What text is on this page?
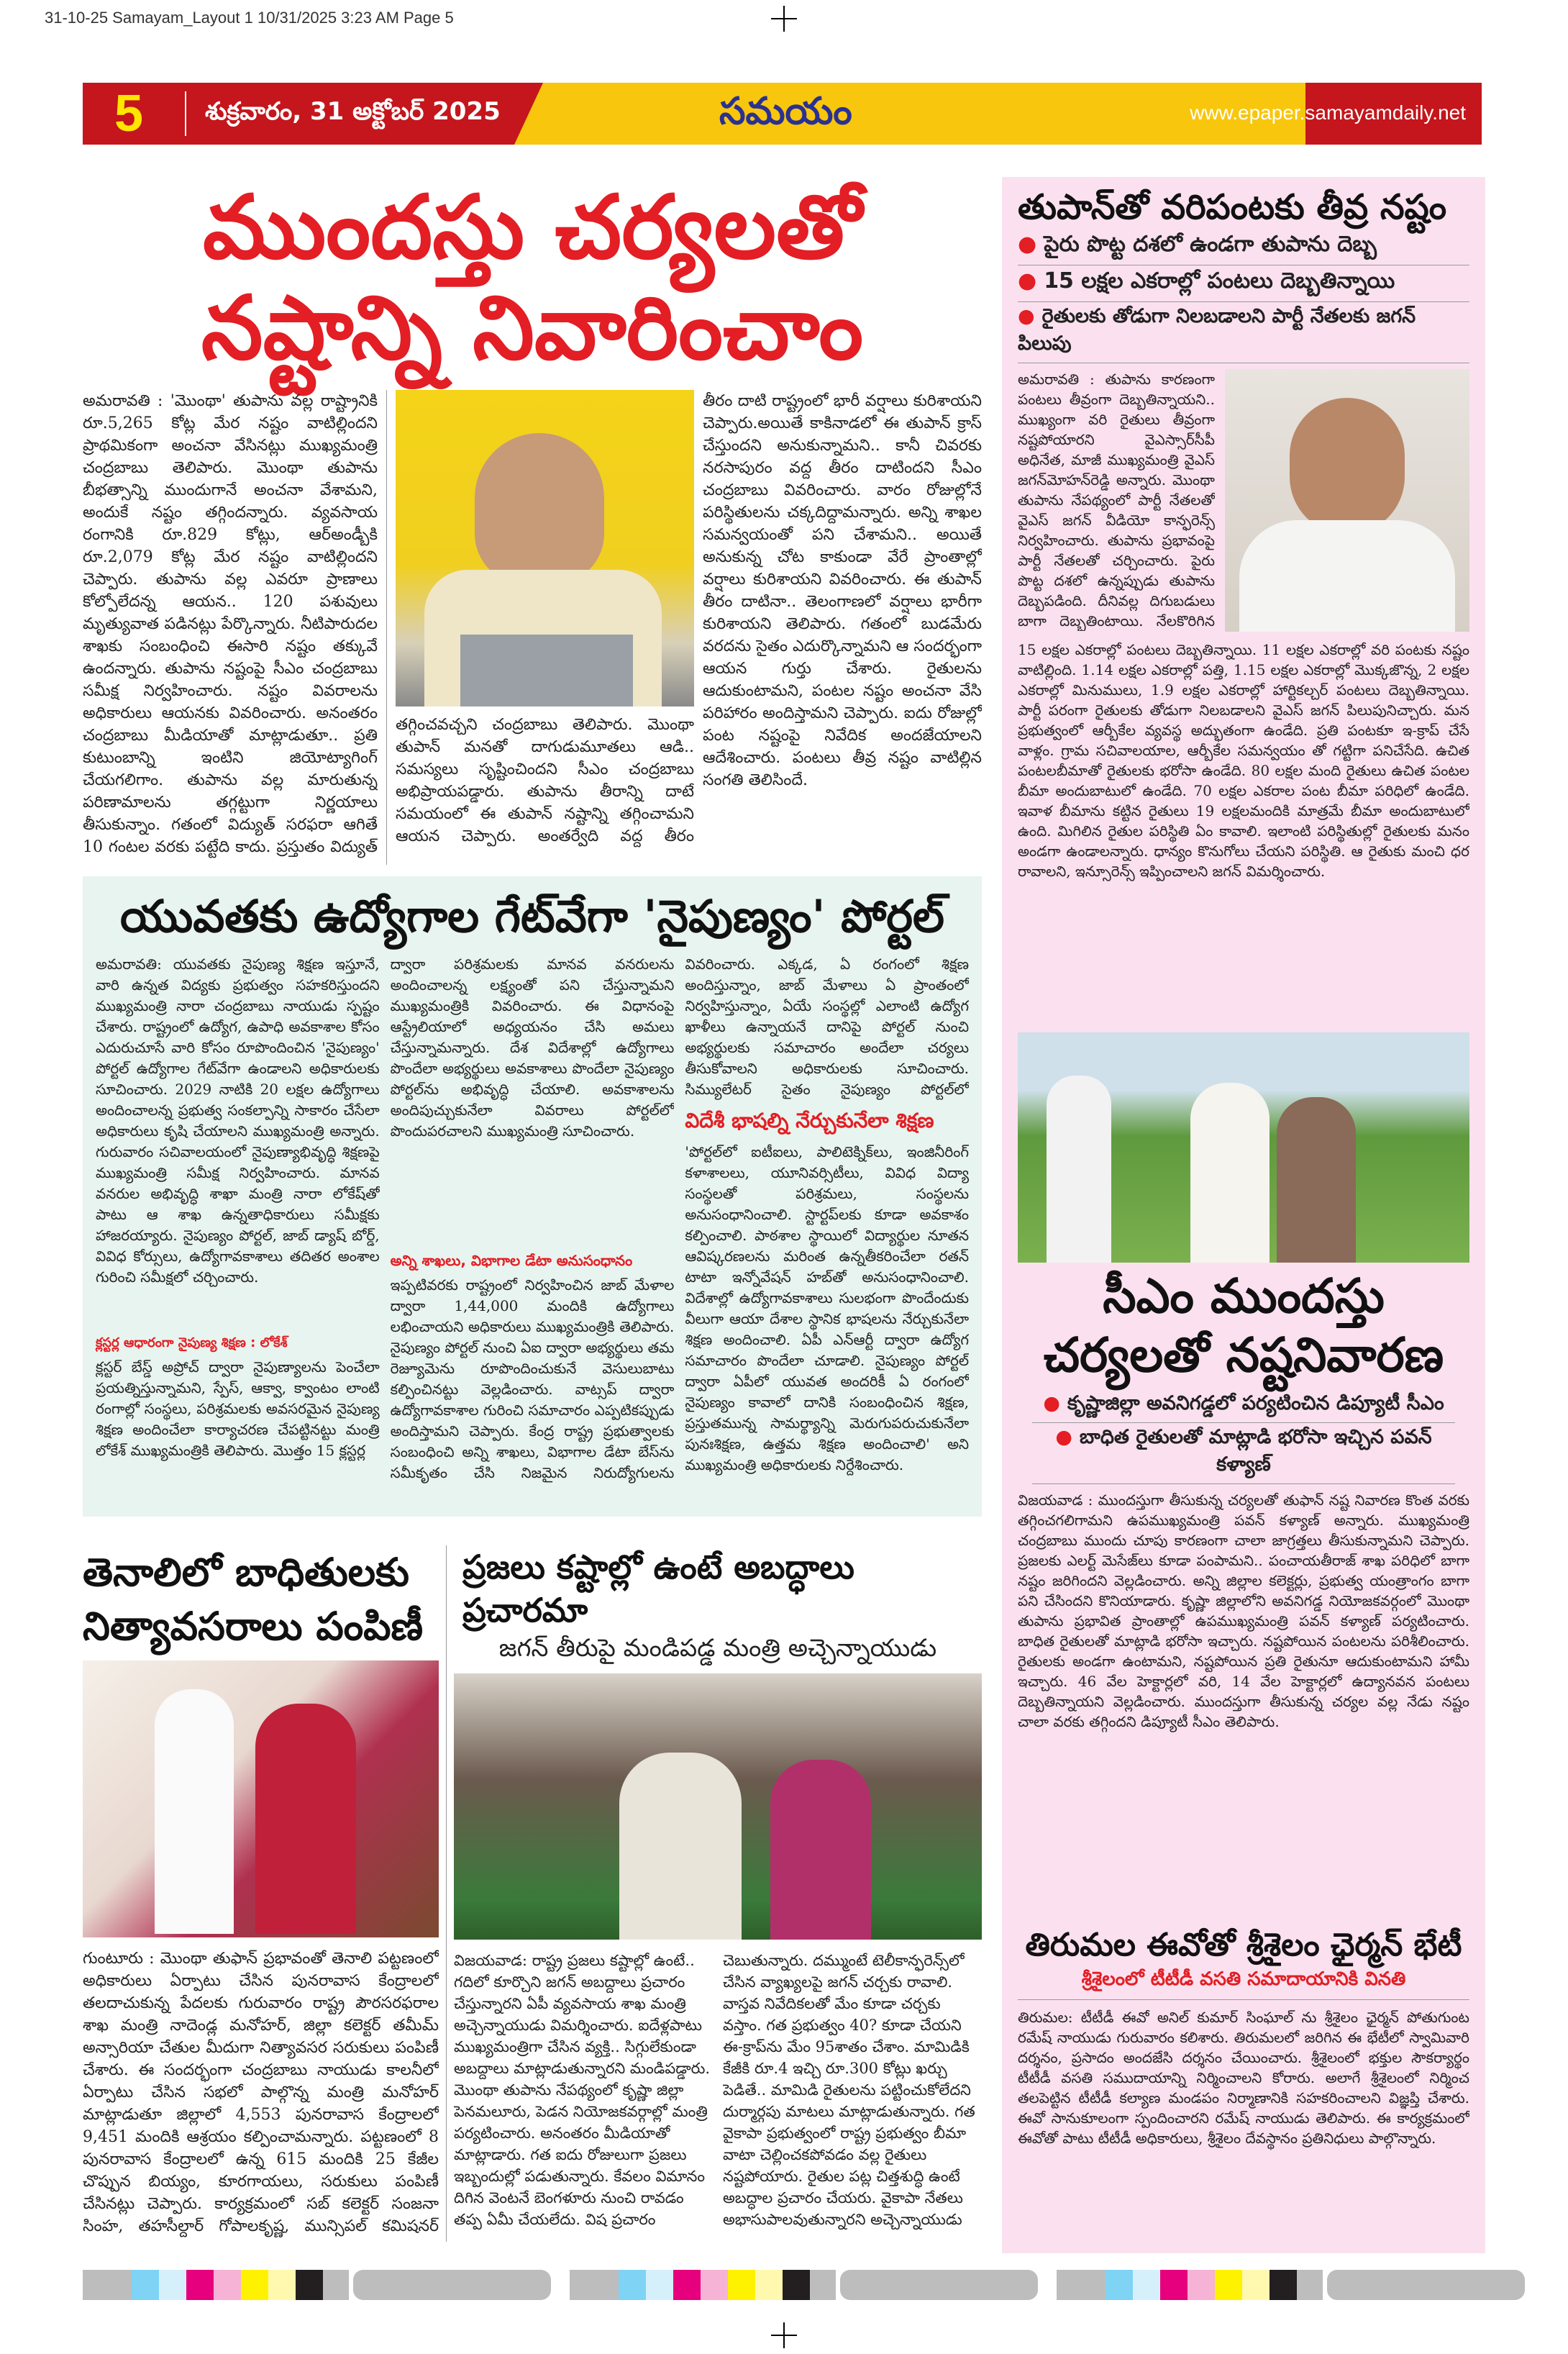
31-10-25 Samayam_Layout 1 10/31/2025 3:23 AM Page 5
5	శుక్రవారం, 31 అక్టోబర్ 2025	సమయం	www.epaper.samayamdaily.net
ముందస్తు చర్యలతో
నష్టాన్ని నివారించాం
అమరావతి : 'మొంథా' తుపాను వల్ల రాష్ట్రానికి రూ.5,265 కోట్ల మేర నష్టం వాటిల్లిందని ప్రాథమికంగా అంచనా వేసినట్లు ముఖ్యమంత్రి చంద్రబాబు తెలిపారు. మొంథా తుపాను బీభత్సాన్ని ముందుగానే అంచనా వేశామని, అందుకే నష్టం తగ్గిందన్నారు. వ్యవసాయ రంగానికి రూ.829 కోట్లు, ఆర్అండ్బీకి రూ.2,079 కోట్ల మేర నష్టం వాటిల్లిందని చెప్పారు. తుపాను వల్ల ఎవరూ ప్రాణాలు కోల్పోలేదన్న ఆయన.. 120 పశువులు మృత్యువాత పడినట్లు పేర్కొన్నారు. నీటిపారుదల శాఖకు సంబంధించి ఈసారి నష్టం తక్కువే ఉందన్నారు. తుపాను నష్టంపై సీఎం చంద్రబాబు సమీక్ష నిర్వహించారు. నష్టం వివరాలను అధికారులు ఆయనకు వివరించారు. అనంతరం చంద్రబాబు మీడియాతో మాట్లాడుతూ.. ప్రతి కుటుంబాన్ని ఇంటిని జియోట్యాగింగ్ చేయగలిగాం. తుపాను వల్ల మారుతున్న పరిణామాలను తగ్గట్టుగా నిర్ణయాలు తీసుకున్నాం. గతంలో విద్యుత్ సరఫరా ఆగితే 10 గంటల వరకు పట్టేది కాదు. ప్రస్తుతం విద్యుత్
తగ్గించవచ్చని చంద్రబాబు తెలిపారు. మొంథా తుపాన్ మనతో దాగుడుమూతలు ఆడి.. సమస్యలు సృష్టించిందని సీఎం చంద్రబాబు అభిప్రాయపడ్డారు. తుపాను తీరాన్ని దాటే సమయంలో ఈ తుపాన్ నష్టాన్ని తగ్గించామని ఆయన చెప్పారు. అంతర్వేది వద్ద తీరం
తీరం దాటి రాష్ట్రంలో భారీ వర్షాలు కురిశాయని చెప్పారు.అయితే కాకినాడలో ఈ తుపాన్ క్రాస్ చేస్తుందని అనుకున్నామని.. కానీ చివరకు నరసాపురం వద్ద తీరం దాటిందని సీఎం చంద్రబాబు వివరించారు. వారం రోజుల్లోనే పరిస్థితులను చక్కదిద్దామన్నారు. అన్ని శాఖల సమన్వయంతో పని చేశామని.. అయితే అనుకున్న చోట కాకుండా వేరే ప్రాంతాల్లో వర్షాలు కురిశాయని వివరించారు. ఈ తుపాన్ తీరం దాటినా.. తెలంగాణలో వర్షాలు భారీగా కురిశాయని తెలిపారు. గతంలో బుడమేరు వరదను సైతం ఎదుర్కొన్నామని ఆ సందర్భంగా ఆయన గుర్తు చేశారు. రైతులను ఆదుకుంటామని, పంటల నష్టం అంచనా వేసి పరిహారం అందిస్తామని చెప్పారు. ఐదు రోజుల్లో పంట నష్టంపై నివేదిక అందజేయాలని ఆదేశించారు. పంటలు తీవ్ర నష్టం వాటిల్లిన సంగతి తెలిసిందే.
యువతకు ఉద్యోగాల గేట్‌వేగా 'నైపుణ్యం' పోర్టల్
అమరావతి: యువతకు నైపుణ్య శిక్షణ ఇస్తూనే, వారి ఉన్నత విద్యకు ప్రభుత్వం సహకరిస్తుందని ముఖ్యమంత్రి నారా చంద్రబాబు నాయుడు స్పష్టం చేశారు. రాష్ట్రంలో ఉద్యోగ, ఉపాధి అవకాశాల కోసం ఎదురుచూసే వారి కోసం రూపొందించిన 'నైపుణ్యం' పోర్టల్ ఉద్యోగాల గేట్‌వేగా ఉండాలని అధికారులకు సూచించారు. 2029 నాటికి 20 లక్షల ఉద్యోగాలు అందించాలన్న ప్రభుత్వ సంకల్పాన్ని సాకారం చేసేలా అధికారులు కృషి చేయాలని ముఖ్యమంత్రి అన్నారు. గురువారం సచివాలయంలో నైపుణ్యాభివృద్ధి శిక్షణపై ముఖ్యమంత్రి సమీక్ష నిర్వహించారు. మానవ వనరుల అభివృద్ధి శాఖా మంత్రి నారా లోకేష్‌తో పాటు ఆ శాఖ ఉన్నతాధికారులు సమీక్షకు హాజరయ్యారు. నైపుణ్యం పోర్టల్, జాబ్ డ్యాష్ బోర్డ్, వివిధ కోర్సులు, ఉద్యోగావకాశాలు తదితర అంశాల గురించి సమీక్షలో చర్చించారు.
క్లస్టర్ల ఆధారంగా నైపుణ్య శిక్షణ : లోకేశ్
క్లస్టర్ బేస్డ్ అప్రోచ్ ద్వారా నైపుణ్యాలను పెంచేలా ప్రయత్నిస్తున్నామని, స్పేస్, ఆక్వా, క్వాంటం లాంటి రంగాల్లో సంస్థలు, పరిశ్రమలకు అవసరమైన నైపుణ్య శిక్షణ అందించేలా కార్యాచరణ చేపట్టినట్టు మంత్రి లోకేశ్ ముఖ్యమంత్రికి తెలిపారు. మొత్తం 15 క్లస్టర్ల
ద్వారా పరిశ్రమలకు మానవ వనరులను అందించాలన్న లక్ష్యంతో పని చేస్తున్నామని ముఖ్యమంత్రికి వివరించారు. ఈ విధానంపై ఆస్ట్రేలియాలో అధ్యయనం చేసి అమలు చేస్తున్నామన్నారు. దేశ విదేశాల్లో ఉద్యోగాలు పొందేలా అభ్యర్థులు అవకాశాలు పొందేలా నైపుణ్యం పోర్టల్‌ను అభివృద్ధి చేయాలి. అవకాశాలను అందిపుచ్చుకునేలా వివరాలు పోర్టల్‌లో పొందుపరచాలని ముఖ్యమంత్రి సూచించారు.
అన్ని శాఖలు, విభాగాల డేటా అనుసంధానం
ఇప్పటివరకు రాష్ట్రంలో నిర్వహించిన జాబ్ మేళాల ద్వారా 1,44,000 మందికి ఉద్యోగాలు లభించాయని అధికారులు ముఖ్యమంత్రికి తెలిపారు. నైపుణ్యం పోర్టల్ నుంచి ఏఐ ద్వారా అభ్యర్థులు తమ రెజ్యూమెను రూపొందించుకునే వెసులుబాటు కల్పించినట్టు వెల్లడించారు. వాట్సప్ ద్వారా ఉద్యోగావకాశాల గురించి సమాచారం ఎప్పటికప్పుడు అందిస్తామని చెప్పారు. కేంద్ర రాష్ట్ర ప్రభుత్వాలకు సంబంధించి అన్ని శాఖలు, విభాగాల డేటా బేస్‌ను సమీకృతం చేసి నిజమైన నిరుద్యోగులను
వివరించారు. ఎక్కడ, ఏ రంగంలో శిక్షణ అందిస్తున్నాం, జాబ్ మేళాలు ఏ ప్రాంతంలో నిర్వహిస్తున్నాం, ఏయే సంస్థల్లో ఎలాంటి ఉద్యోగ ఖాళీలు ఉన్నాయనే దానిపై పోర్టల్ నుంచి అభ్యర్థులకు సమాచారం అందేలా చర్యలు తీసుకోవాలని అధికారులకు సూచించారు. సిమ్యులేటర్ సైతం నైపుణ్యం పోర్టల్‌లో
విదేశీ భాషల్ని నేర్చుకునేలా శిక్షణ
'పోర్టల్‌లో ఐటీఐలు, పాలిటెక్నిక్‌లు, ఇంజినీరింగ్ కళాశాలలు, యూనివర్సిటీలు, వివిధ విద్యా సంస్థలతో పరిశ్రమలు, సంస్థలను అనుసంధానించాలి. స్టార్టప్‌లకు కూడా అవకాశం కల్పించాలి. పాఠశాల స్థాయిలో విద్యార్థుల నూతన ఆవిష్కరణలను మరింత ఉన్నతీకరించేలా రతన్ టాటా ఇన్నోవేషన్ హబ్‌తో అనుసంధానించాలి. విదేశాల్లో ఉద్యోగావకాశాలు సులభంగా పొందేందుకు వీలుగా ఆయా దేశాల స్థానిక భాషలను నేర్చుకునేలా శిక్షణ అందించాలి. ఏపీ ఎన్ఆర్టీ ద్వారా ఉద్యోగ సమాచారం పొందేలా చూడాలి. నైపుణ్యం పోర్టల్ ద్వారా ఏపీలో యువత అందరికీ ఏ రంగంలో నైపుణ్యం కావాలో దానికి సంబంధించిన శిక్షణ, ప్రస్తుతమున్న సామర్థ్యాన్ని మెరుగుపరుచుకునేలా పునఃశిక్షణ, ఉత్తమ శిక్షణ అందించాలి' అని ముఖ్యమంత్రి అధికారులకు నిర్దేశించారు.
తెనాలిలో బాధితులకు
నిత్యావసరాలు పంపిణీ
గుంటూరు : మొంథా తుఫాన్ ప్రభావంతో తెనాలి పట్టణంలో అధికారులు ఏర్పాటు చేసిన పునరావాస కేంద్రాలలో తలదాచుకున్న పేదలకు గురువారం రాష్ట్ర పౌరసరఫరాల శాఖ మంత్రి నాదెండ్ల మనోహర్, జిల్లా కలెక్టర్ తమీమ్ అన్సారియా చేతుల మీదుగా నిత్యావసర సరుకులు పంపిణీ చేశారు. ఈ సందర్భంగా చంద్రబాబు నాయుడు కాలనీలో ఏర్పాటు చేసిన సభలో పాల్గొన్న మంత్రి మనోహర్ మాట్లాడుతూ జిల్లాలో 4,553 పునరావాస కేంద్రాలలో 9,451 మందికి ఆశ్రయం కల్పించామన్నారు. పట్టణంలో 8 పునరావాస కేంద్రాలలో ఉన్న 615 మందికి 25 కేజీల చొప్పున బియ్యం, కూరగాయలు, సరుకులు పంపిణీ చేసినట్లు చెప్పారు. కార్యక్రమంలో సబ్ కలెక్టర్ సంజనా సింహ, తహసీల్దార్ గోపాలకృష్ణ, మున్సిపల్ కమిషనర్
ప్రజలు కష్టాల్లో ఉంటే అబద్ధాలు ప్రచారమా
జగన్ తీరుపై మండిపడ్డ మంత్రి అచ్చెన్నాయుడు
విజయవాడ: రాష్ట్ర ప్రజలు కష్టాల్లో ఉంటే.. గదిలో కూర్చొని జగన్ అబద్దాలు ప్రచారం చేస్తున్నారని ఏపీ వ్యవసాయ శాఖ మంత్రి అచ్చెన్నాయుడు విమర్శించారు. ఐదేళ్లపాటు ముఖ్యమంత్రిగా చేసిన వ్యక్తి.. సిగ్గులేకుండా అబద్దాలు మాట్లాడుతున్నారని మండిపడ్డారు. మొంథా తుపాను నేపథ్యంలో కృష్ణా జిల్లా పెనమలూరు, పెడన నియోజకవర్గాల్లో మంత్రి పర్యటించారు. అనంతరం మీడియాతో మాట్లాడారు. గత ఐదు రోజులుగా ప్రజలు ఇబ్బందుల్లో పడుతున్నారు. కేవలం విమానం దిగిన వెంటనే బెంగళూరు నుంచి రావడం తప్ప ఏమీ చేయలేదు. విష ప్రచారం
చెబుతున్నారు. దమ్ముంటే టెలీకాన్ఫరెన్స్‌లో చేసిన వ్యాఖ్యలపై జగన్ చర్చకు రావాలి. వాస్తవ నివేదికలతో మేం కూడా చర్చకు వస్తాం. గత ప్రభుత్వం 40? కూడా చేయని ఈ-క్రాప్‌ను మేం 95శాతం చేశాం. మామిడికి కేజీకి రూ.4 ఇచ్చి రూ.300 కోట్లు ఖర్చు పెడితే.. మామిడి రైతులను పట్టించుకోలేదని దుర్మార్గపు మాటలు మాట్లాడుతున్నారు. గత వైకాపా ప్రభుత్వంలో రాష్ట్ర ప్రభుత్వం బీమా వాటా చెల్లించకపోవడం వల్ల రైతులు నష్టపోయారు. రైతుల పట్ల చిత్తశుద్ధి ఉంటే అబద్ధాల ప్రచారం చేయరు. వైకాపా నేతలు అభాసుపాలవుతున్నారని అచ్చెన్నాయుడు
తుపాన్‌తో వరిపంటకు తీవ్ర నష్టం
● పైరు పొట్ట దశలో ఉండగా తుపాను దెబ్బ
● 15 లక్షల ఎకరాల్లో పంటలు దెబ్బతిన్నాయి
● రైతులకు తోడుగా నిలబడాలని పార్టీ నేతలకు జగన్ పిలుపు
అమరావతి : తుపాను కారణంగా పంటలు తీవ్రంగా దెబ్బతిన్నాయని.. ముఖ్యంగా వరి రైతులు తీవ్రంగా నష్టపోయారని వైఎస్సార్‌సీపీ అధినేత, మాజీ ముఖ్యమంత్రి వైఎస్ జగన్‌మోహన్‌రెడ్డి అన్నారు. మొంథా తుపాను నేపథ్యంలో పార్టీ నేతలతో వైఎస్ జగన్ వీడియో కాన్ఫరెన్స్ నిర్వహించారు. తుపాను ప్రభావంపై పార్టీ నేతలతో చర్చించారు. పైరు పొట్ట దశలో ఉన్నప్పుడు తుపాను దెబ్బపడింది. దీనివల్ల దిగుబడులు బాగా దెబ్బతింటాయి. నేలకొరిగిన
15 లక్షల ఎకరాల్లో పంటలు దెబ్బతిన్నాయి. 11 లక్షల ఎకరాల్లో వరి పంటకు నష్టం వాటిల్లింది. 1.14 లక్షల ఎకరాల్లో పత్తి, 1.15 లక్షల ఎకరాల్లో మొక్కజొన్న, 2 లక్షల ఎకరాల్లో మినుములు, 1.9 లక్షల ఎకరాల్లో హార్టికల్చర్ పంటలు దెబ్బతిన్నాయి. పార్టీ పరంగా రైతులకు తోడుగా నిలబడాలని వైఎస్ జగన్ పిలుపునిచ్చారు. మన ప్రభుత్వంలో ఆర్బీకేల వ్యవస్థ అద్భుతంగా ఉండేది. ప్రతి పంటకూ ఇ-క్రాప్ చేసే వాళ్లం. గ్రామ సచివాలయాల, ఆర్బీకేల సమన్వయం తో గట్టిగా పనిచేసేది. ఉచిత పంటలబీమాతో రైతులకు భరోసా ఉండేది. 80 లక్షల మంది రైతులు ఉచిత పంటల బీమా అందుబాటులో ఉండేది. 70 లక్షల ఎకరాల పంట బీమా పరిధిలో ఉండేది. ఇవాళ బీమాను కట్టిన రైతులు 19 లక్షలమందికి మాత్రమే బీమా అందుబాటులో ఉంది. మిగిలిన రైతుల పరిస్థితి ఏం కావాలి. ఇలాంటి పరిస్థితుల్లో రైతులకు మనం అండగా ఉండాలన్నారు. ధాన్యం కొనుగోలు చేయని పరిస్థితి. ఆ రైతుకు మంచి ధర రావాలని, ఇన్సూరెన్స్ ఇప్పించాలని జగన్ విమర్శించారు.
సీఎం ముందస్తు
చర్యలతో నష్టనివారణ
● కృష్ణాజిల్లా అవనిగడ్డలో పర్యటించిన డిప్యూటీ సీఎం
● బాధిత రైతులతో మాట్లాడి భరోసా ఇచ్చిన పవన్ కళ్యాణ్
విజయవాడ : ముందస్తుగా తీసుకున్న చర్యలతో తుఫాన్ నష్ట నివారణ కొంత వరకు తగ్గించగలిగామని ఉపముఖ్యమంత్రి పవన్ కళ్యాణ్ అన్నారు. ముఖ్యమంత్రి చంద్రబాబు ముందు చూపు కారణంగా చాలా జాగ్రత్తలు తీసుకున్నామని చెప్పారు. ప్రజలకు ఎలర్ట్ మెసేజ్‌లు కూడా పంపామని.. పంచాయతీరాజ్ శాఖ పరిధిలో బాగా నష్టం జరిగిందని వెల్లడించారు. అన్ని జిల్లాల కలెక్టర్లు, ప్రభుత్వ యంత్రాంగం బాగా పని చేసిందని కొనియాడారు. కృష్ణా జిల్లాలోని అవనిగడ్డ నియోజకవర్గంలో మొంథా తుపాను ప్రభావిత ప్రాంతాల్లో ఉపముఖ్యమంత్రి పవన్ కళ్యాణ్ పర్యటించారు. బాధిత రైతులతో మాట్లాడి భరోసా ఇచ్చారు. నష్టపోయిన పంటలను పరిశీలించారు. రైతులకు అండగా ఉంటామని, నష్టపోయిన ప్రతి రైతునూ ఆదుకుంటామని హామీ ఇచ్చారు. 46 వేల హెక్టార్లలో వరి, 14 వేల హెక్టార్లలో ఉద్యానవన పంటలు దెబ్బతిన్నాయని వెల్లడించారు. ముందస్తుగా తీసుకున్న చర్యల వల్ల నేడు నష్టం చాలా వరకు తగ్గిందని డిప్యూటీ సీఎం తెలిపారు.
తిరుమల ఈవోతో శ్రీశైలం ఛైర్మన్ భేటీ
శ్రీశైలంలో టీటీడీ వసతి సమాదాయానికి వినతి
తిరుమల: టీటీడీ ఈవో అనిల్ కుమార్ సింఘాల్ ను శ్రీశైలం ఛైర్మన్ పోతుగుంట రమేష్ నాయుడు గురువారం కలిశారు. తిరుమలలో జరిగిన ఈ భేటీలో స్వామివారి దర్శనం, ప్రసాదం అందజేసి దర్శనం చేయించారు. శ్రీశైలంలో భక్తుల సౌకర్యార్థం టీటీడీ వసతి సముదాయాన్ని నిర్మించాలని కోరారు. అలాగే శ్రీశైలంలో నిర్మించ తలపెట్టిన టీటీడీ కల్యాణ మండపం నిర్మాణానికి సహకరించాలని విజ్ఞప్తి చేశారు. ఈవో సానుకూలంగా స్పందించారని రమేష్ నాయుడు తెలిపారు. ఈ కార్యక్రమంలో ఈవోతో పాటు టీటీడీ అధికారులు, శ్రీశైలం దేవస్థానం ప్రతినిధులు పాల్గొన్నారు.
